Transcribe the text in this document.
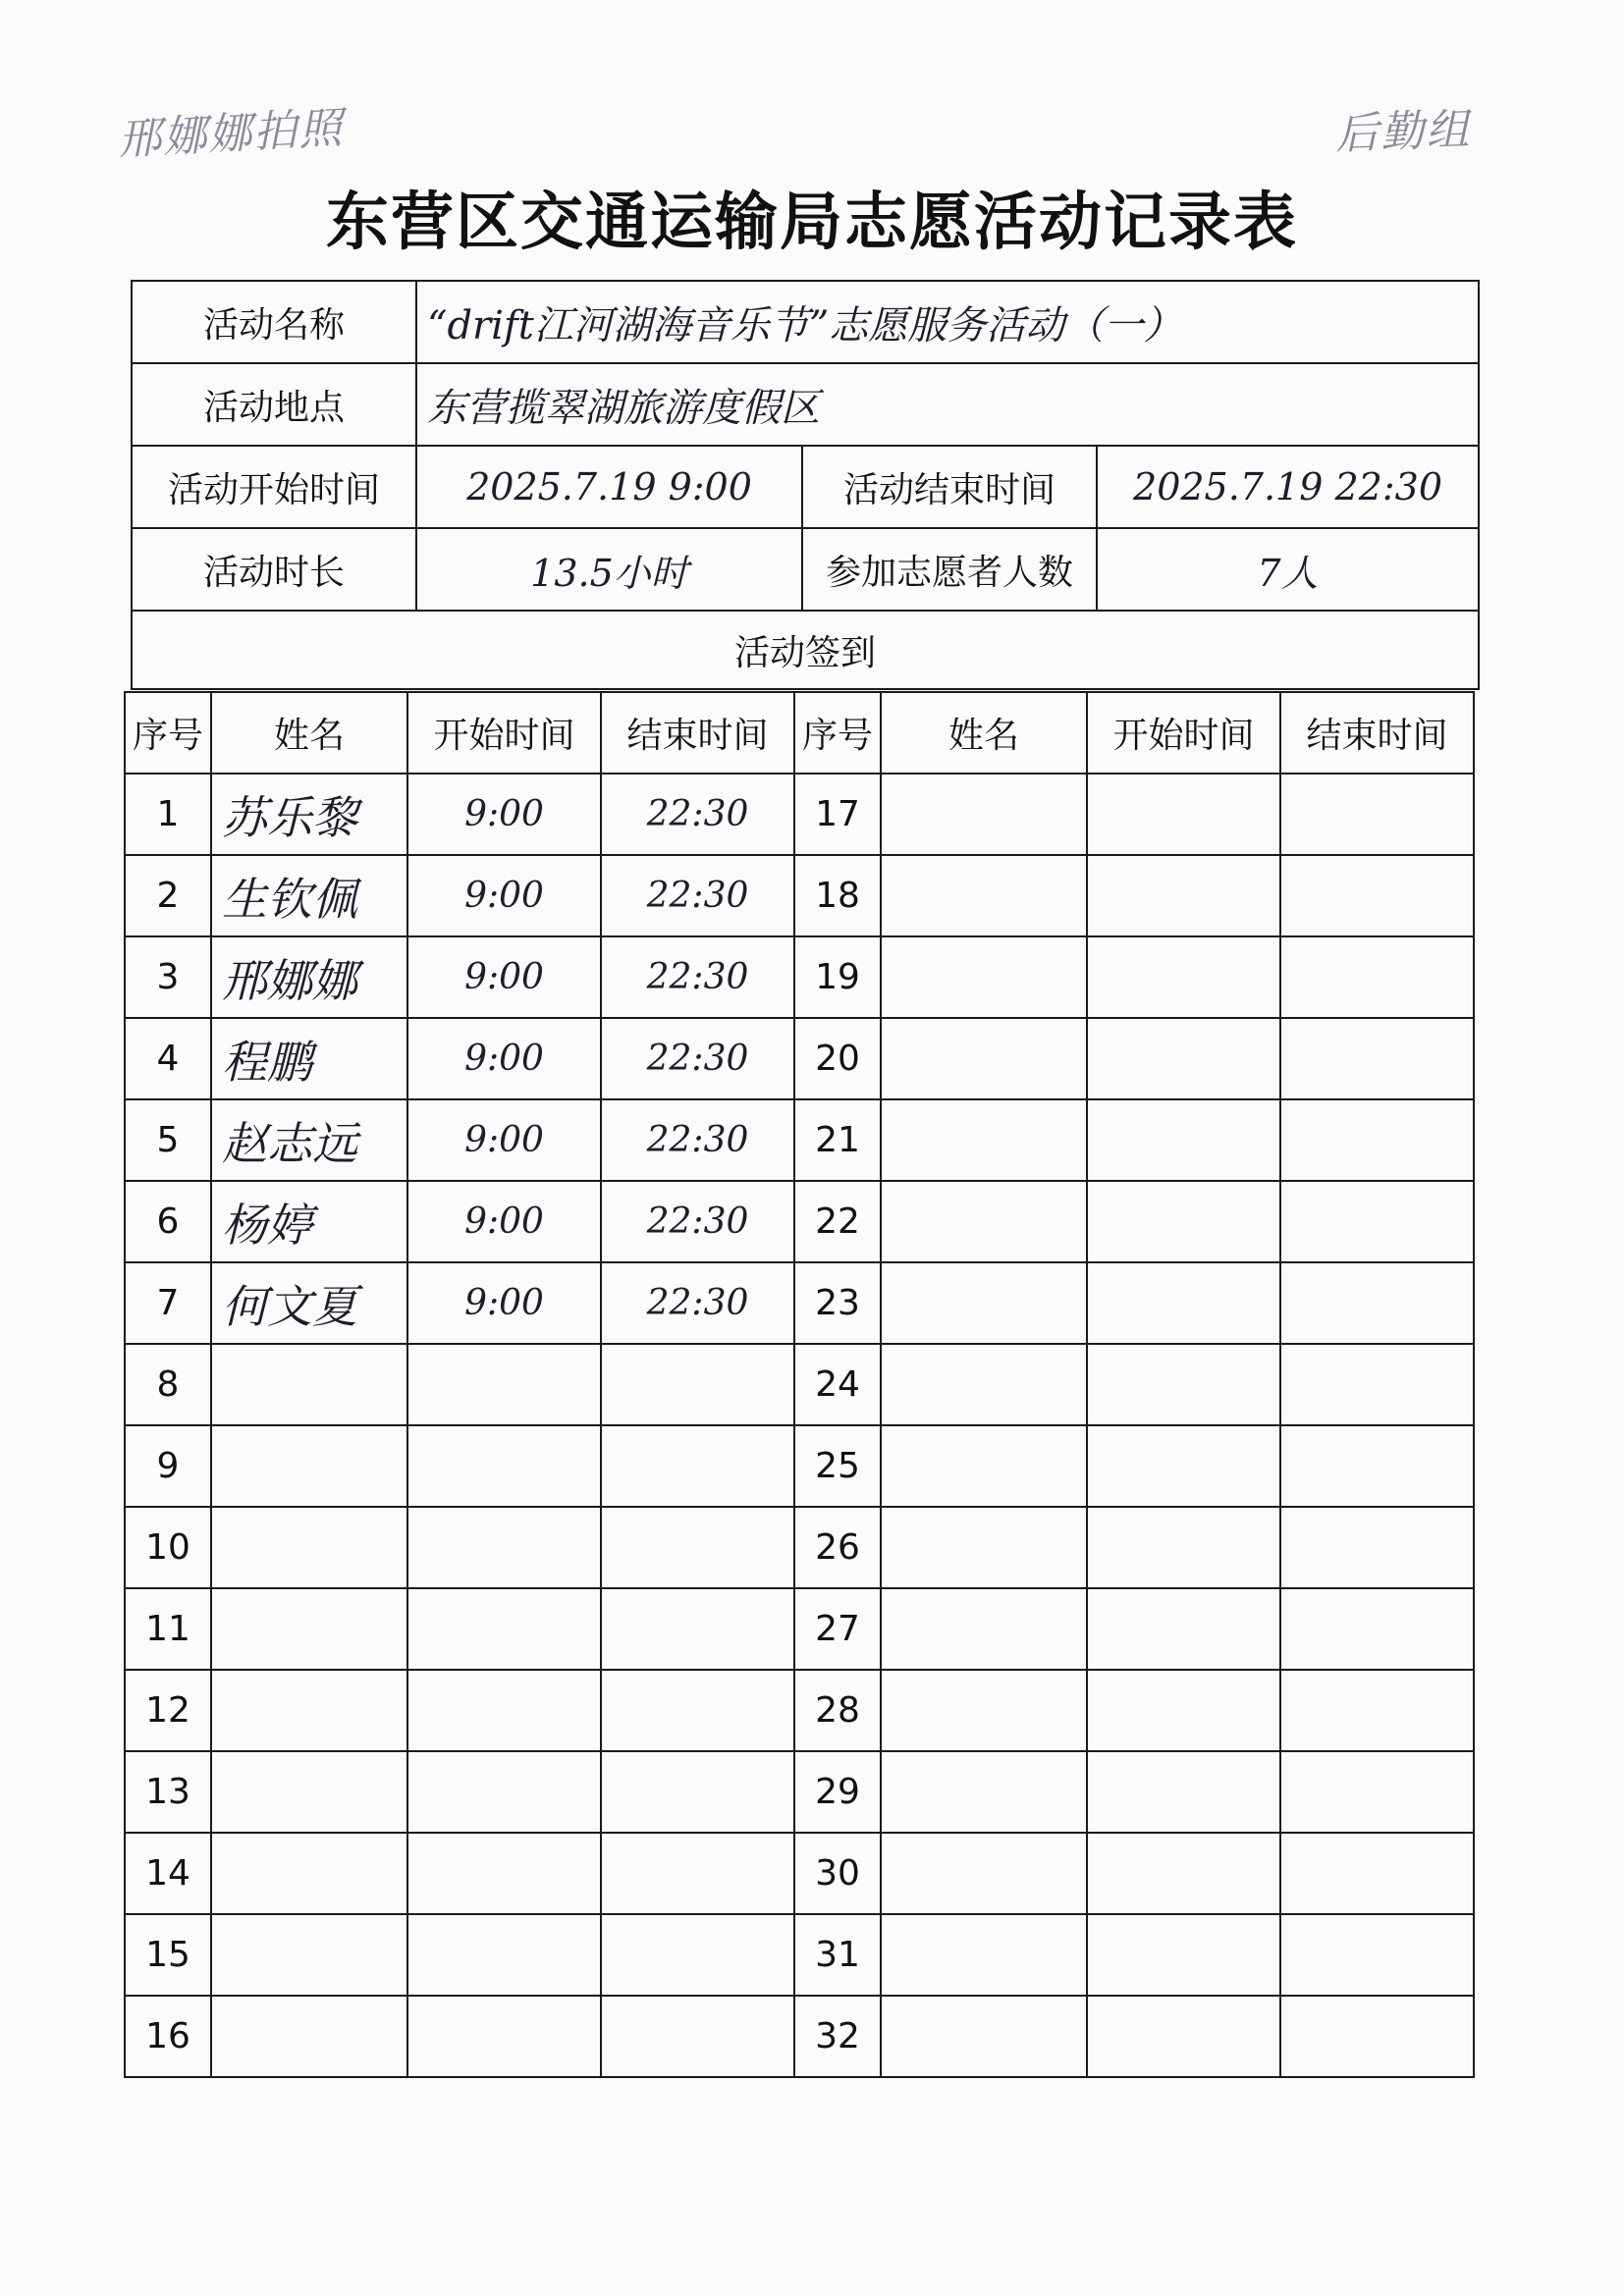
邢娜娜拍照	后勤组
东营区交通运输局志愿活动记录表
活动名称	“drift江河湖海音乐节”志愿服务活动（一）		
活动地点	东营揽翠湖旅游度假区		
活动开始时间	2025.7.19 9:00	活动结束时间	2025.7.19 22:30
活动时长	13.5小时	参加志愿者人数	7人
活动签到			
序号	姓名	开始时间	结束时间	序号	姓名	开始时间	结束时间
1	苏乐黎	9:00	22:30	17			
2	生钦佩	9:00	22:30	18			
3	邢娜娜	9:00	22:30	19			
4	程鹏	9:00	22:30	20			
5	赵志远	9:00	22:30	21			
6	杨婷	9:00	22:30	22			
7	何文夏	9:00	22:30	23			
8				24			
9				25			
10				26			
11				27			
12				28			
13				29			
14				30			
15				31			
16				32			
